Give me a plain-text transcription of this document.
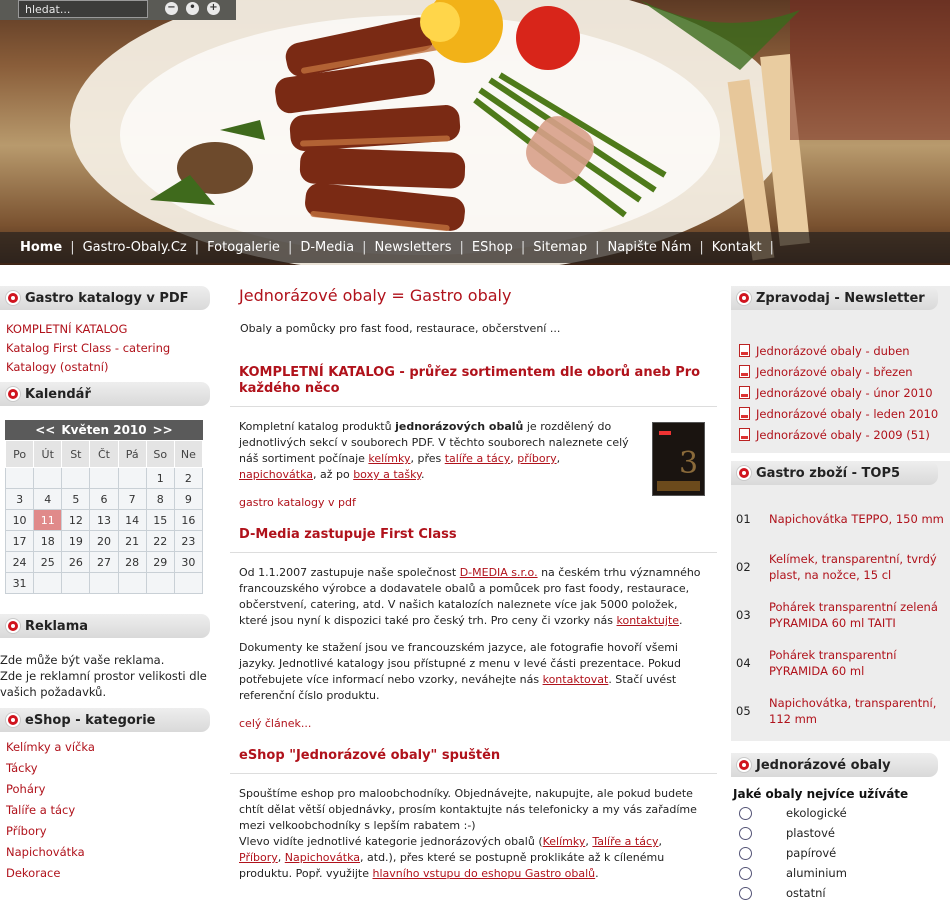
hledat...
−	•	+
Home | Gastro-Obaly.Cz | Fotogalerie | D-Media | Newsletters | EShop | Sitemap | Napište Nám | Kontakt |
Gastro katalogy v PDF
KOMPLETNÍ KATALOG
Katalog First Class - catering
Katalogy (ostatní)
Kalendář
<< Květen 2010 >>
Po	Út	St	Čt	Pá	So	Ne
					1	2
3	4	5	6	7	8	9
10	11	12	13	14	15	16
17	18	19	20	21	22	23
24	25	26	27	28	29	30
31						
Reklama
Zde může být vaše reklama.
Zde je reklamní prostor velikosti dle vašich požadavků.
eShop - kategorie
Kelímky a víčka
Tácky
Poháry
Talíře a tácy
Příbory
Napichovátka
Dekorace
Jednorázové obaly = Gastro obaly
Obaly a pomůcky pro fast food, restaurace, občerstvení ...
KOMPLETNÍ KATALOG - průřez sortimentem dle oborů aneb Pro každého něco
3

Kompletní katalog produktů jednorázových obalů je rozdělený do jednotlivých sekcí v souborech PDF. V těchto souborech naleznete celý náš sortiment počínaje kelímky, přes talíře a tácy, příbory, napichovátka, až po boxy a tašky.

gastro katalogy v pdf
D-Media zastupuje First Class

Od 1.1.2007 zastupuje naše společnost D-MEDIA s.r.o. na českém trhu významného francouzského výrobce a dodavatele obalů a pomůcek pro fast foody, restaurace, občerstvení, catering, atd. V našich katalozích naleznete více jak 5000 položek, které jsou nyní k dispozici také pro český trh. Pro ceny či vzorky nás kontaktujte.

Dokumenty ke stažení jsou ve francouzském jazyce, ale fotografie hovoří všemi jazyky. Jednotlivé katalogy jsou přístupné z menu v levé části prezentace. Pokud potřebujete více informací nebo vzorky, neváhejte nás kontaktovat. Stačí uvést referenční číslo produktu.

celý článek...
eShop "Jednorázové obaly" spuštěn

Spouštíme eshop pro maloobchodníky. Objednávejte, nakupujte, ale pokud budete chtít dělat větší objednávky, prosím kontaktujte nás telefonicky a my vás zařadíme mezi velkoobchodníky s lepším rabatem :-)

Vlevo vidíte jednotlivé kategorie jednorázových obalů (Kelímky, Talíře a tácy, Příbory, Napichovátka, atd.), přes které se postupně proklikáte až k cílenému produktu. Popř. využijte hlavního vstupu do eshopu Gastro obalů.

Zpravodaj - Newsletter
Jednorázové obaly - duben
Jednorázové obaly - březen
Jednorázové obaly - únor 2010
Jednorázové obaly - leden 2010
Jednorázové obaly - 2009 (51)
Gastro zboží - TOP5
01	Napichovátka TEPPO, 150 mm
02	Kelímek, transparentní, tvrdý plast, na nožce, 15 cl
03	Pohárek transparentní zelená PYRAMIDA 60 ml TAITI
04	Pohárek transparentní PYRAMIDA 60 ml
05	Napichovátka, transparentní, 112 mm
Jednorázové obaly
Jaké obaly nejvíce užíváte
ekologické
plastové
papírové
aluminium
ostatní
